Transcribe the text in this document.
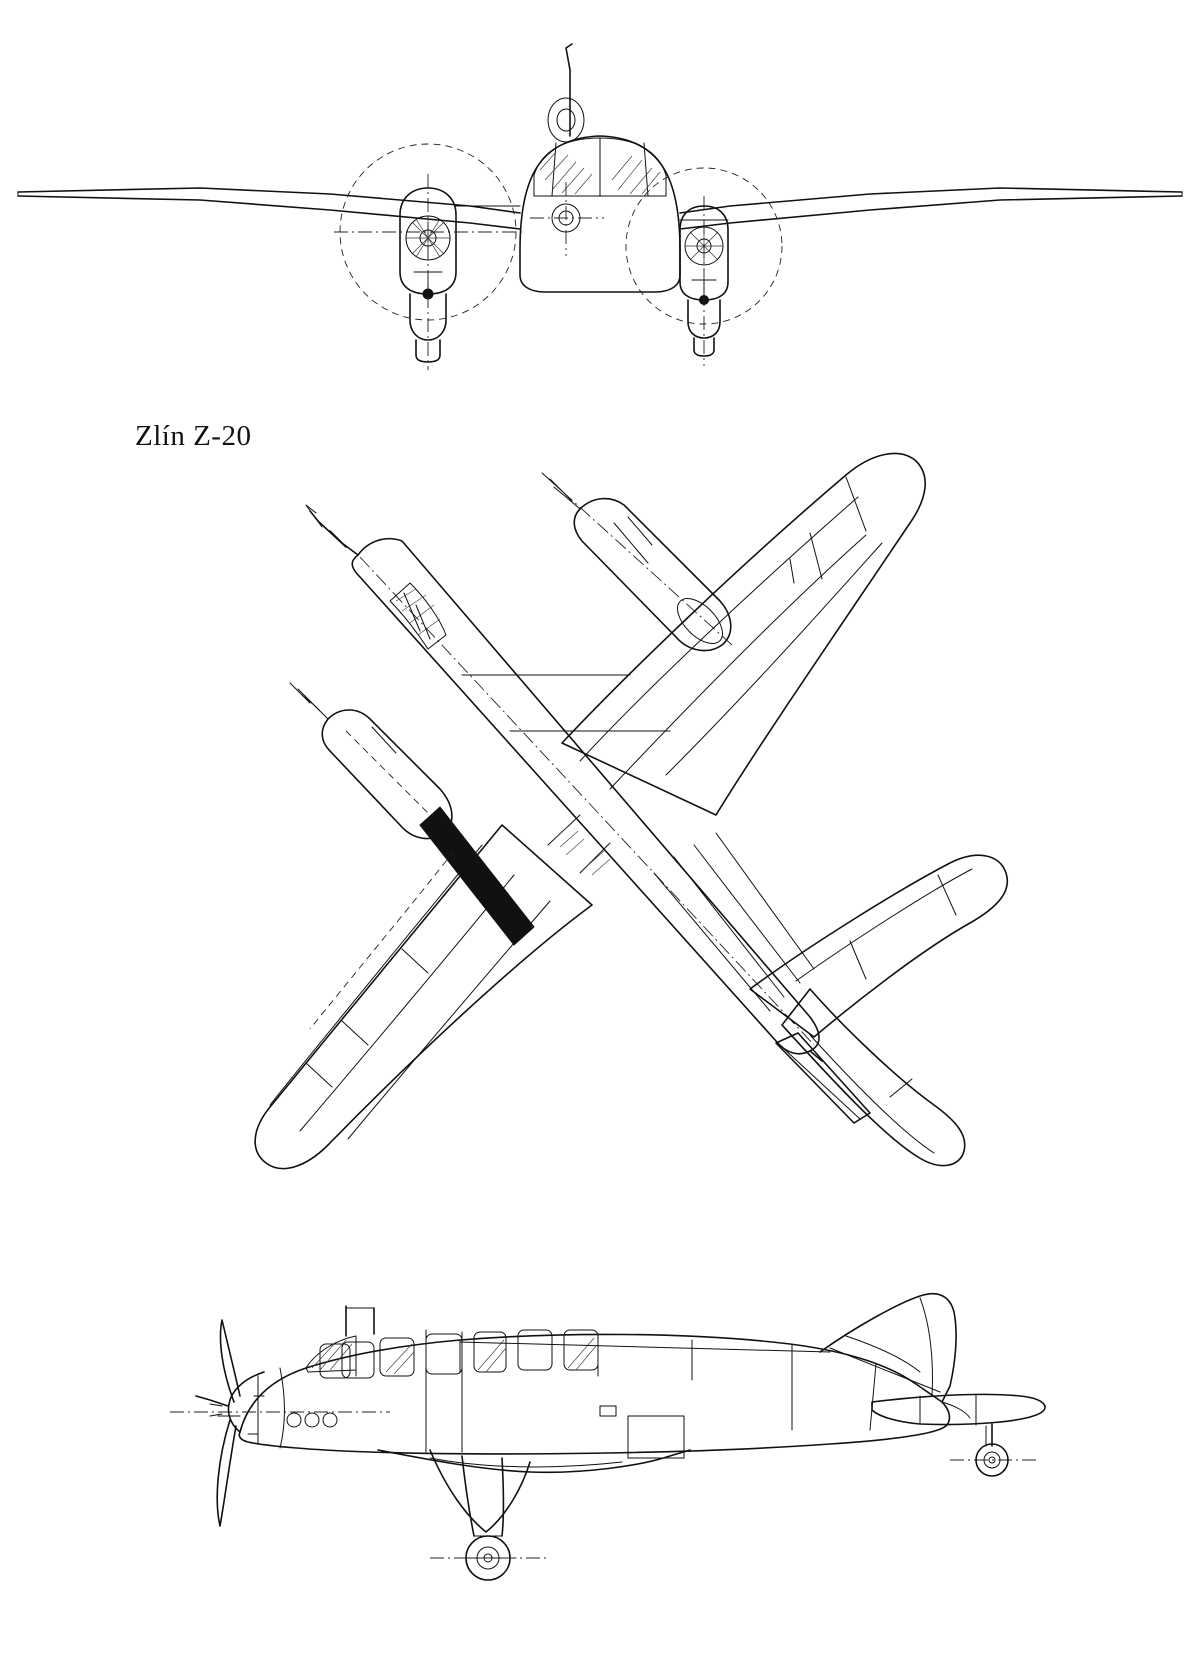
Zlín Z-20
